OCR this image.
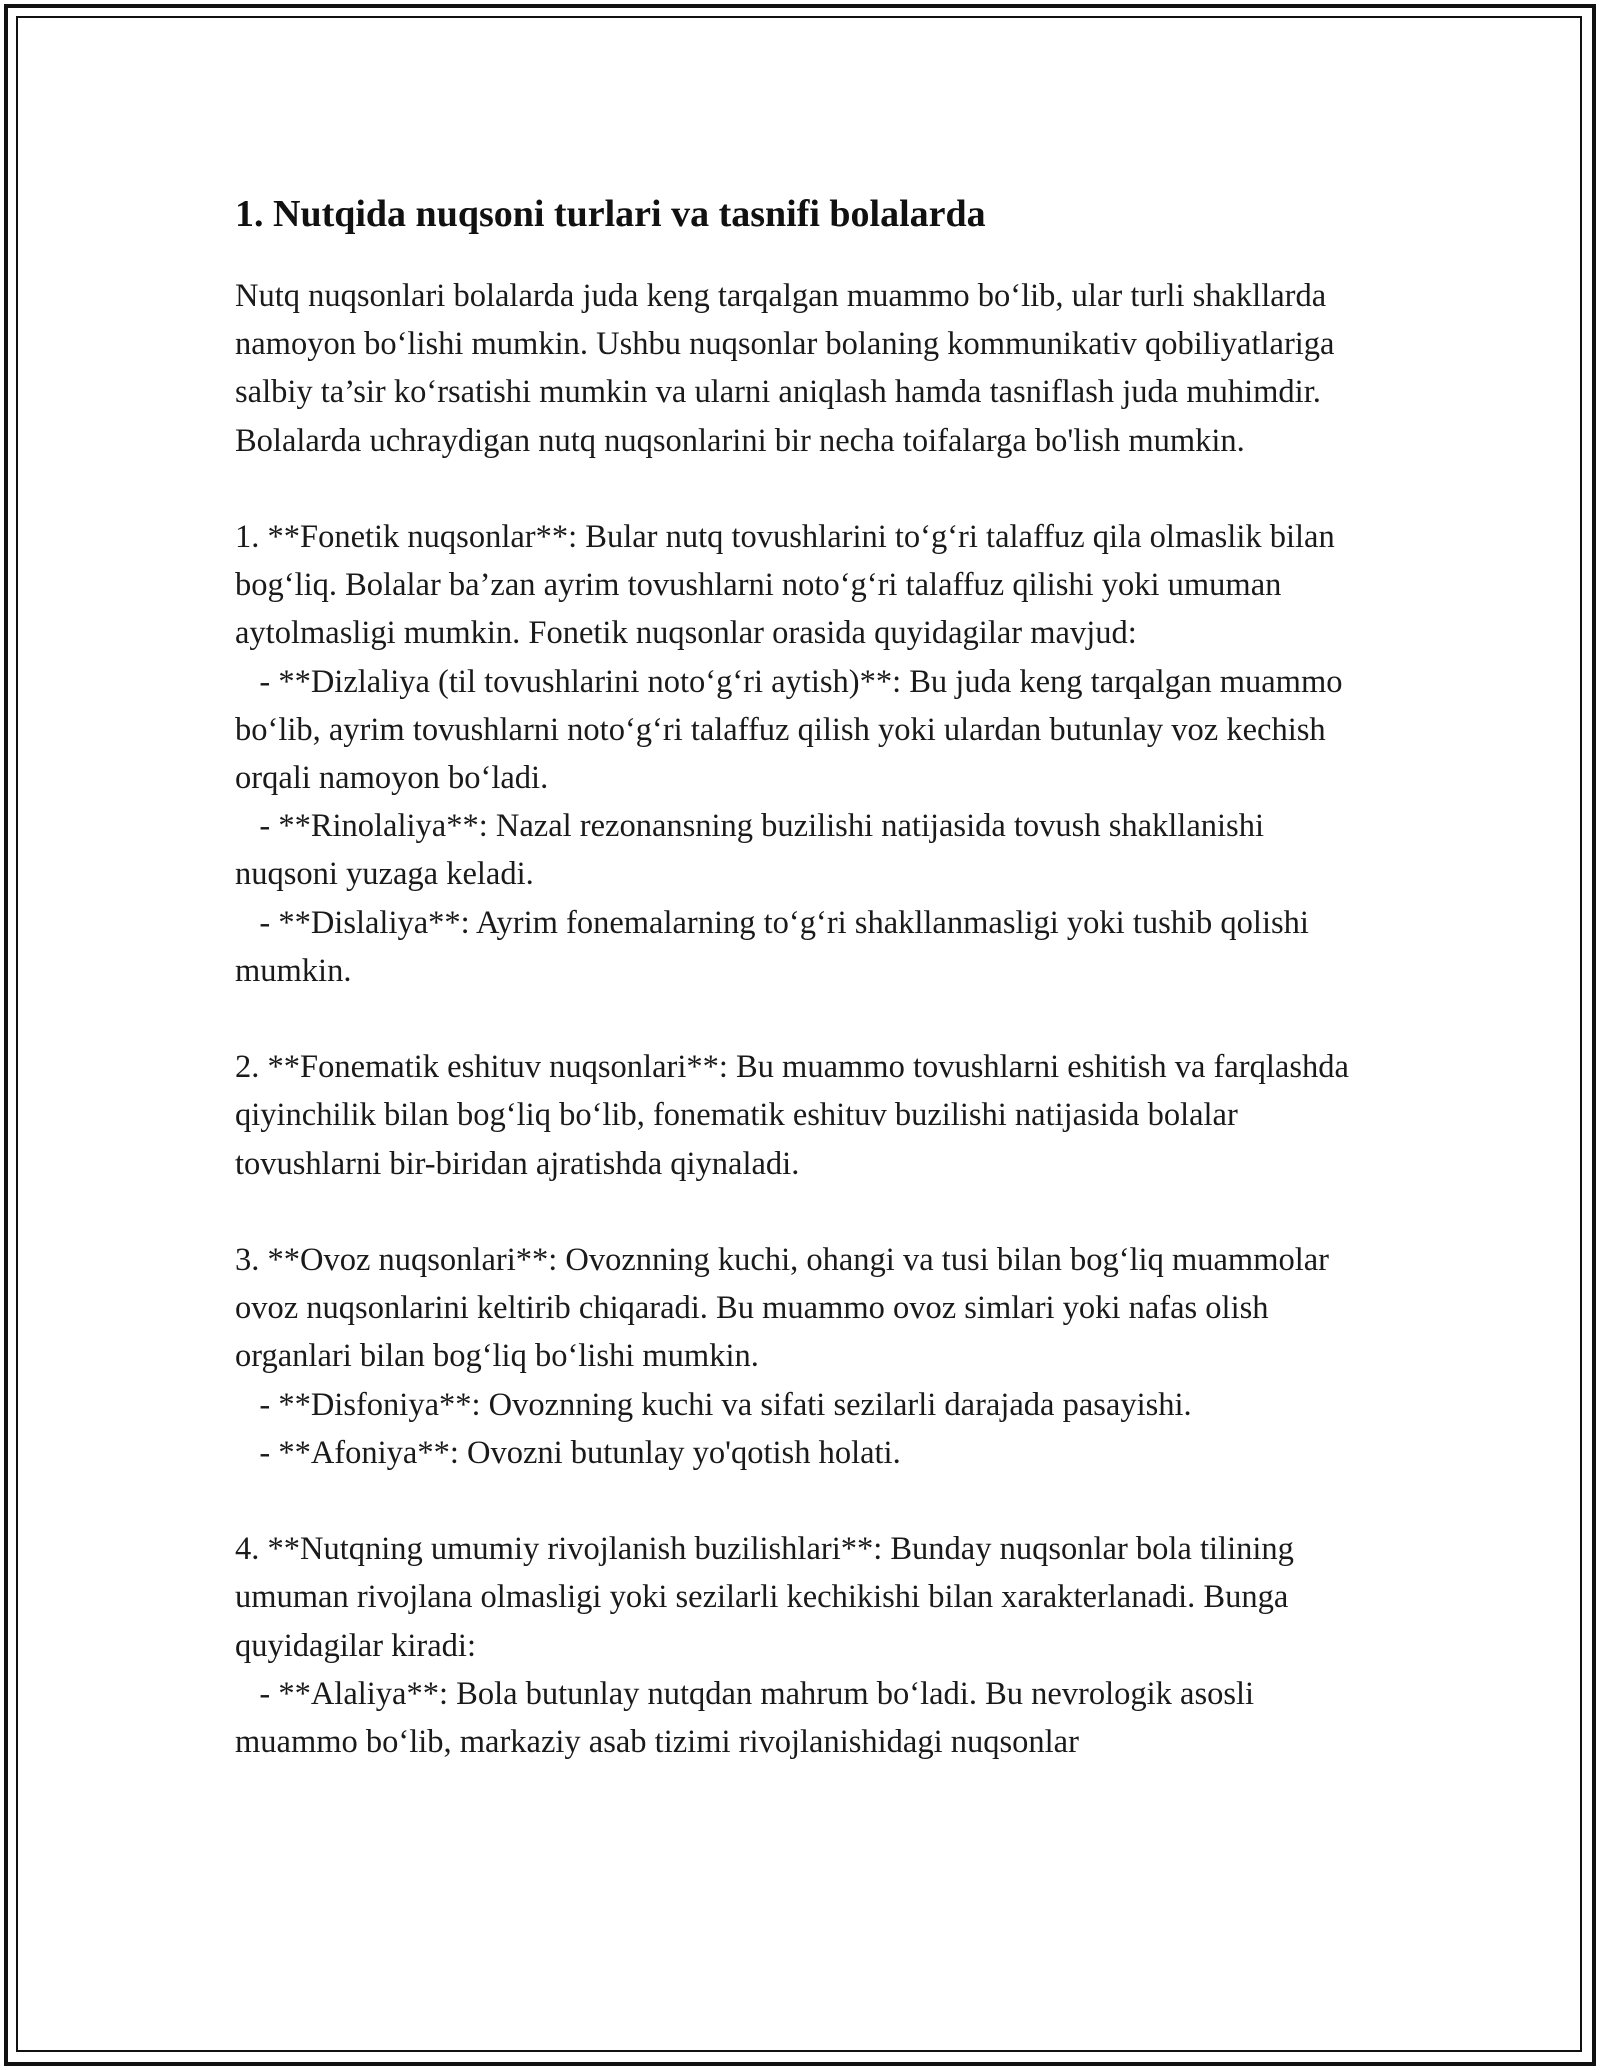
1. Nutqida nuqsoni turlari va tasnifi bolalarda

Nutq nuqsonlari bolalarda juda keng tarqalgan muammo bo‘lib, ular turli shakllarda namoyon bo‘lishi mumkin. Ushbu nuqsonlar bolaning kommunikativ qobiliyatlariga salbiy ta’sir ko‘rsatishi mumkin va ularni aniqlash hamda tasniflash juda muhimdir. Bolalarda uchraydigan nutq nuqsonlarini bir necha toifalarga bo'lish mumkin.

1. **Fonetik nuqsonlar**: Bular nutq tovushlarini to‘g‘ri talaffuz qila olmaslik bilan bog‘liq. Bolalar ba’zan ayrim tovushlarni noto‘g‘ri talaffuz qilishi yoki umuman aytolmasligi mumkin. Fonetik nuqsonlar orasida quyidagilar mavjud:
- **Dizlaliya (til tovushlarini noto‘g‘ri aytish)**: Bu juda keng tarqalgan muammo bo‘lib, ayrim tovushlarni noto‘g‘ri talaffuz qilish yoki ulardan butunlay voz kechish orqali namoyon bo‘ladi.
- **Rinolaliya**: Nazal rezonansning buzilishi natijasida tovush shakllanishi nuqsoni yuzaga keladi.
- **Dislaliya**: Ayrim fonemalarning to‘g‘ri shakllanmasligi yoki tushib qolishi mumkin.

2. **Fonematik eshituv nuqsonlari**: Bu muammo tovushlarni eshitish va farqlashda qiyinchilik bilan bog‘liq bo‘lib, fonematik eshituv buzilishi natijasida bolalar tovushlarni bir-biridan ajratishda qiynaladi.

3. **Ovoz nuqsonlari**: Ovoznning kuchi, ohangi va tusi bilan bog‘liq muammolar ovoz nuqsonlarini keltirib chiqaradi. Bu muammo ovoz simlari yoki nafas olish organlari bilan bog‘liq bo‘lishi mumkin.
- **Disfoniya**: Ovoznning kuchi va sifati sezilarli darajada pasayishi.
- **Afoniya**: Ovozni butunlay yo'qotish holati.

4. **Nutqning umumiy rivojlanish buzilishlari**: Bunday nuqsonlar bola tilining umuman rivojlana olmasligi yoki sezilarli kechikishi bilan xarakterlanadi. Bunga quyidagilar kiradi:
- **Alaliya**: Bola butunlay nutqdan mahrum bo‘ladi. Bu nevrologik asosli muammo bo‘lib, markaziy asab tizimi rivojlanishidagi nuqsonlar
